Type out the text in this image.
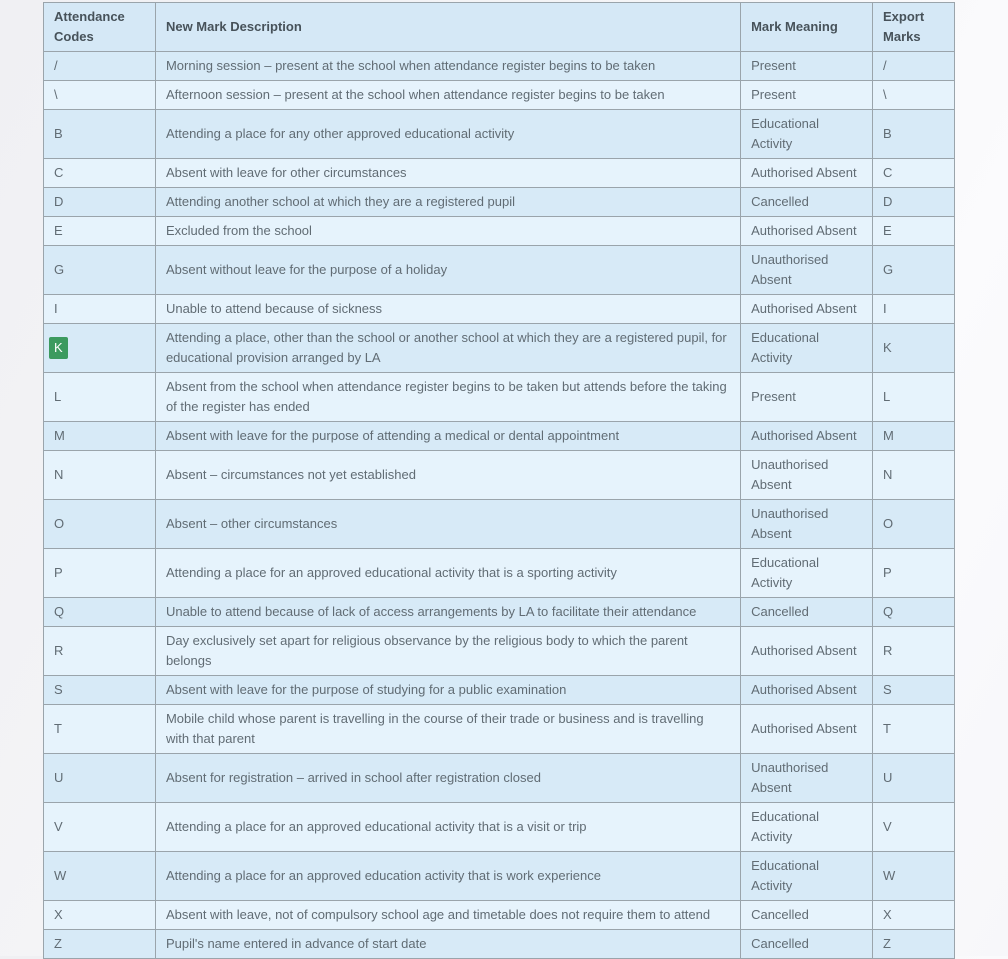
Attendance Codes	New Mark Description	Mark Meaning	Export Marks
/	Morning session – present at the school when attendance register begins to be taken	Present	/
\	Afternoon session – present at the school when attendance register begins to be taken	Present	\
B	Attending a place for any other approved educational activity	Educational Activity	B
C	Absent with leave for other circumstances	Authorised Absent	C
D	Attending another school at which they are a registered pupil	Cancelled	D
E	Excluded from the school	Authorised Absent	E
G	Absent without leave for the purpose of a holiday	Unauthorised Absent	G
I	Unable to attend because of sickness	Authorised Absent	I
K	Attending a place, other than the school or another school at which they are a registered pupil, for educational provision arranged by LA	Educational Activity	K
L	Absent from the school when attendance register begins to be taken but attends before the taking of the register has ended	Present	L
M	Absent with leave for the purpose of attending a medical or dental appointment	Authorised Absent	M
N	Absent – circumstances not yet established	Unauthorised Absent	N
O	Absent – other circumstances	Unauthorised Absent	O
P	Attending a place for an approved educational activity that is a sporting activity	Educational Activity	P
Q	Unable to attend because of lack of access arrangements by LA to facilitate their attendance	Cancelled	Q
R	Day exclusively set apart for religious observance by the religious body to which the parent belongs	Authorised Absent	R
S	Absent with leave for the purpose of studying for a public examination	Authorised Absent	S
T	Mobile child whose parent is travelling in the course of their trade or business and is travelling with that parent	Authorised Absent	T
U	Absent for registration – arrived in school after registration closed	Unauthorised Absent	U
V	Attending a place for an approved educational activity that is a visit or trip	Educational Activity	V
W	Attending a place for an approved education activity that is work experience	Educational Activity	W
X	Absent with leave, not of compulsory school age and timetable does not require them to attend	Cancelled	X
Z	Pupil's name entered in advance of start date	Cancelled	Z
